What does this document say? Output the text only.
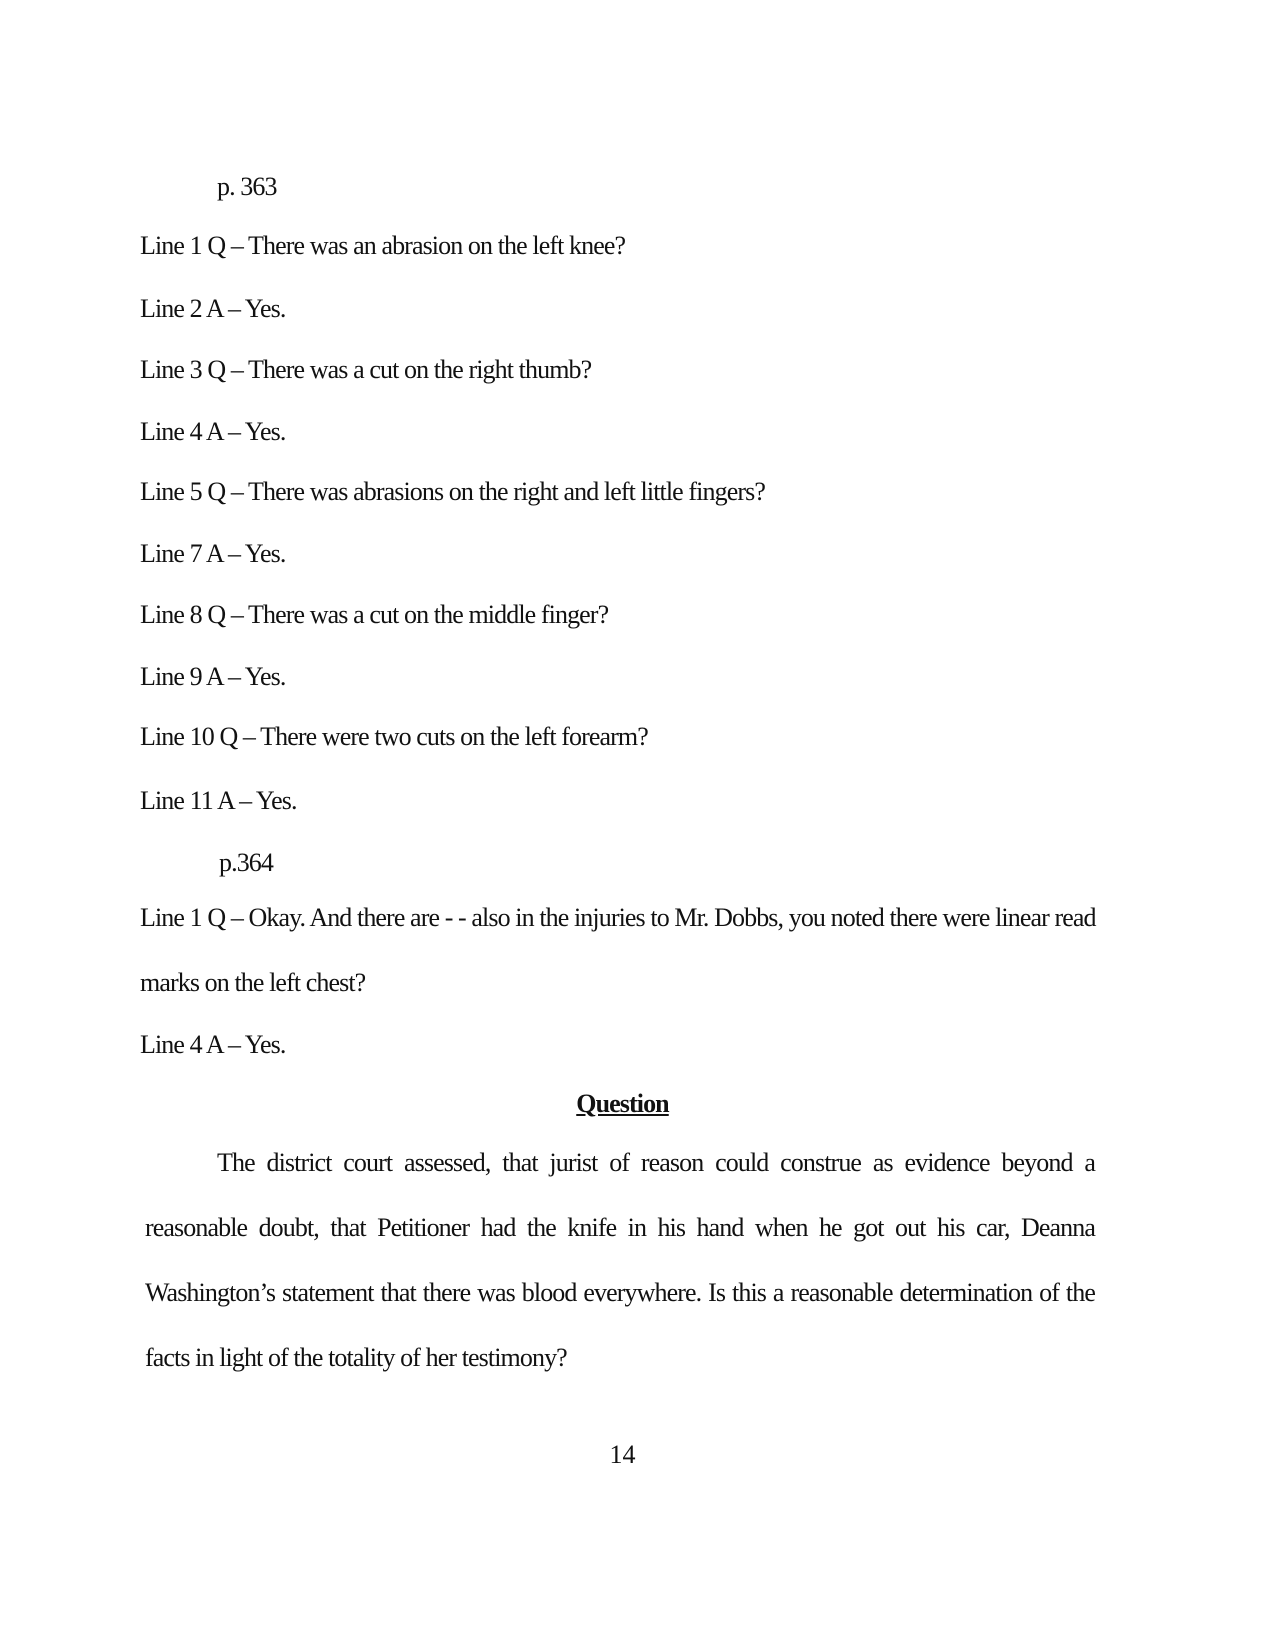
p. 363
Line 1 Q – There was an abrasion on the left knee?
Line 2 A – Yes.
Line 3 Q – There was a cut on the right thumb?
Line 4 A – Yes.
Line 5 Q – There was abrasions on the right and left little fingers?
Line 7 A – Yes.
Line 8 Q – There was a cut on the middle finger?
Line 9 A – Yes.
Line 10 Q – There were two cuts on the left forearm?
Line 11 A – Yes.
p.364
Line 1 Q – Okay. And there are - - also in the injuries to Mr. Dobbs, you noted there were linear read
marks on the left chest?
Line 4 A – Yes.
Question
The district court assessed, that jurist of reason could construe as evidence beyond a reasonable doubt, that Petitioner had the knife in his hand when he got out his car, Deanna Washington’s statement that there was blood everywhere. Is this a reasonable determination of the facts in light of the totality of her testimony?
14
